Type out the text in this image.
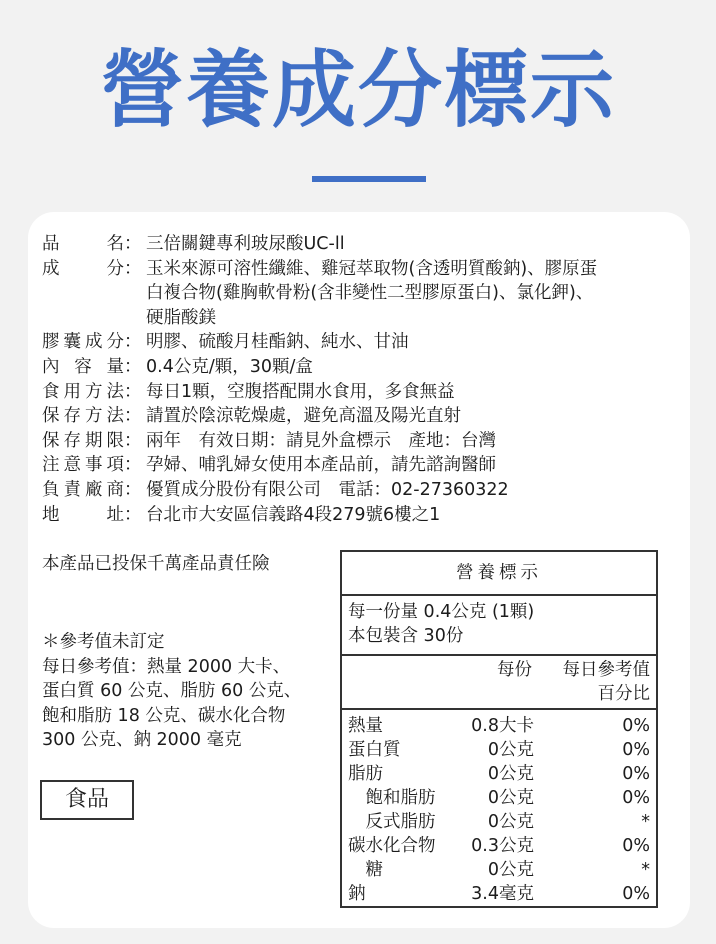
營養成分標示
品　　名 ： 三倍關鍵專利玻尿酸UC-ll
成　　分 ： 玉米來源可溶性纖維、雞冠萃取物(含透明質酸鈉)、膠原蛋
白複合物(雞胸軟骨粉(含非變性二型膠原蛋白)、氯化鉀)、
硬脂酸鎂
膠囊成分 ： 明膠、硫酸月桂酯鈉、純水、甘油
內 容 量 ： 0.4公克/顆，30顆/盒
食用方法 ： 每日1顆，空腹搭配開水食用，多食無益
保存方法 ： 請置於陰涼乾燥處，避免高溫及陽光直射
保存期限 ： 兩年　有效日期：請見外盒標示　產地：台灣
注意事項 ： 孕婦、哺乳婦女使用本產品前，請先諮詢醫師
負責廠商 ： 優質成分股份有限公司　電話：02-27360322
地　　址 ： 台北市大安區信義路4段279號6樓之1
本產品已投保千萬產品責任險
＊參考值未訂定
每日參考值：熱量 2000 大卡、
蛋白質 60 公克、脂肪 60 公克、
飽和脂肪 18 公克、碳水化合物
300 公克、鈉 2000 毫克
食品
營養標示
每一份量 0.4公克 (1顆)
本包裝含 30份
每份	每日參考值
百分比
熱量	0.8大卡	0%
蛋白質	0公克	0%
脂肪	0公克	0%
　飽和脂肪	0公克	0%
　反式脂肪	0公克	*
碳水化合物	0.3公克	0%
　糖	0公克	*
鈉	3.4毫克	0%
